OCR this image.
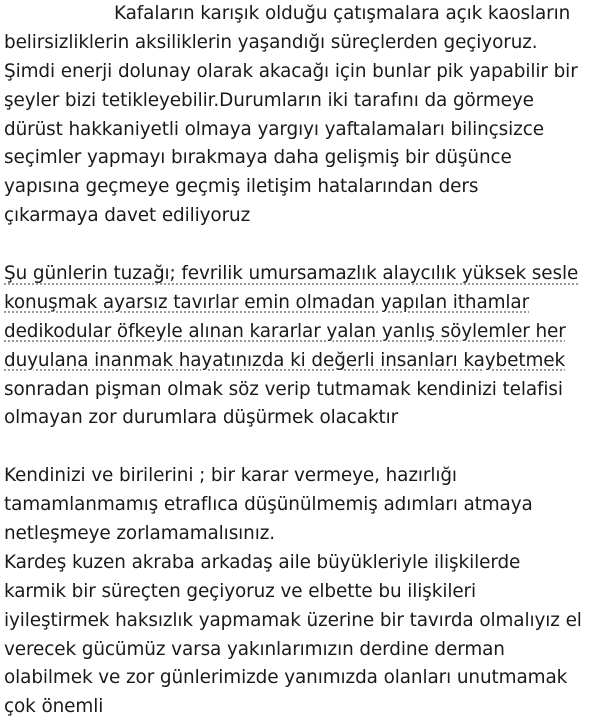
Kafaların karışık olduğu çatışmalara açık kaosların
belirsizliklerin aksiliklerin yaşandığı süreçlerden geçiyoruz.
Şimdi enerji dolunay olarak akacağı için bunlar pik yapabilir bir
şeyler bizi tetikleyebilir.Durumların iki tarafını da görmeye
dürüst hakkaniyetli olmaya yargıyı yaftalamaları bilinçsizce
seçimler yapmayı bırakmaya daha gelişmiş bir düşünce
yapısına geçmeye geçmiş iletişim hatalarından ders
çıkarmaya davet ediliyoruz
Şu günlerin tuzağı; fevrilik umursamazlık alaycılık yüksek sesle
konuşmak ayarsız tavırlar emin olmadan yapılan ithamlar
dedikodular öfkeyle alınan kararlar yalan yanlış söylemler her
duyulana inanmak hayatınızda ki değerli insanları kaybetmek
sonradan pişman olmak söz verip tutmamak kendinizi telafisi
olmayan zor durumlara düşürmek olacaktır
Kendinizi ve birilerini ; bir karar vermeye, hazırlığı
tamamlanmamış etraflıca düşünülmemiş adımları atmaya
netleşmeye zorlamamalısınız.
Kardeş kuzen akraba arkadaş aile büyükleriyle ilişkilerde
karmik bir süreçten geçiyoruz ve elbette bu ilişkileri
iyileştirmek haksızlık yapmamak üzerine bir tavırda olmalıyız el
verecek gücümüz varsa yakınlarımızın derdine derman
olabilmek ve zor günlerimizde yanımızda olanları unutmamak
çok önemli
